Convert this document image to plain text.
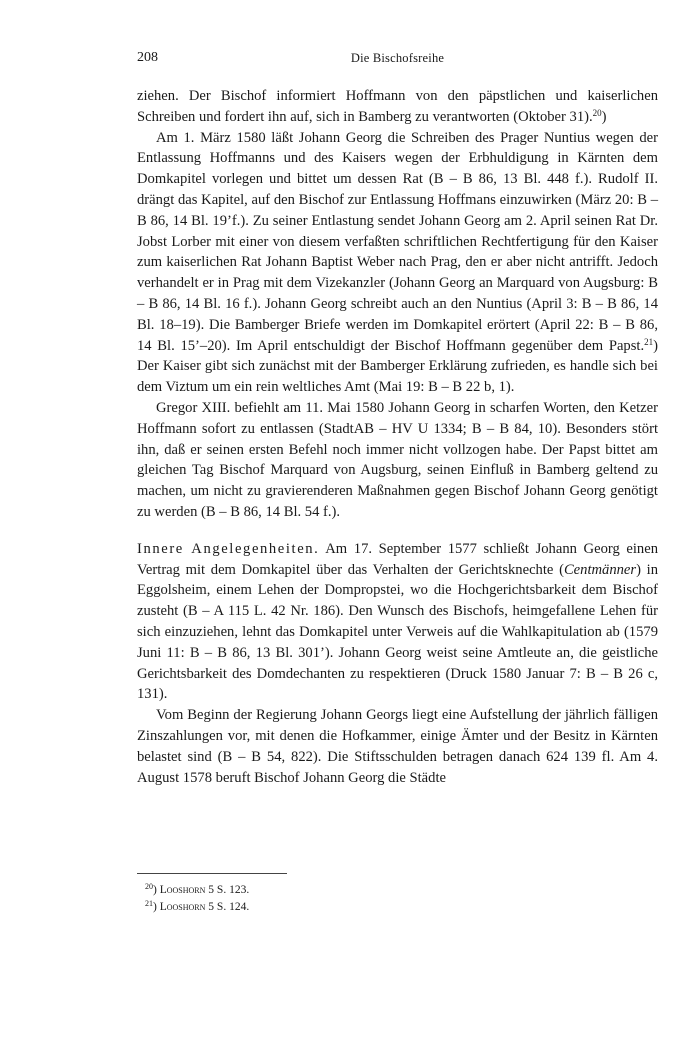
208	Die Bischofsreihe

ziehen. Der Bischof informiert Hoffmann von den päpstlichen und kaiserlichen Schreiben und fordert ihn auf, sich in Bamberg zu verantworten (Oktober 31).$^{20}$)

Am 1. März 1580 läßt Johann Georg die Schreiben des Prager Nuntius wegen der Entlassung Hoffmanns und des Kaisers wegen der Erbhuldigung in Kärnten dem Domkapitel vorlegen und bittet um dessen Rat (B – B 86, 13 Bl. 448 f.). Rudolf II. drängt das Kapitel, auf den Bischof zur Entlassung Hoffmans einzuwirken (März 20: B – B 86, 14 Bl. 19’f.). Zu seiner Entlastung sendet Johann Georg am 2. April seinen Rat Dr. Jobst Lorber mit einer von diesem verfaßten schriftlichen Rechtfertigung für den Kaiser zum kaiserlichen Rat Johann Baptist Weber nach Prag, den er aber nicht antrifft. Jedoch verhandelt er in Prag mit dem Vizekanzler (Johann Georg an Marquard von Augsburg: B – B 86, 14 Bl. 16 f.). Johann Georg schreibt auch an den Nuntius (April 3: B – B 86, 14 Bl. 18–19). Die Bamberger Briefe werden im Domkapitel erörtert (April 22: B – B 86, 14 Bl. 15’–20). Im April entschuldigt der Bischof Hoffmann gegenüber dem Papst.$^{21}$) Der Kaiser gibt sich zunächst mit der Bamberger Erklärung zufrieden, es handle sich bei dem Viztum um ein rein weltliches Amt (Mai 19: B – B 22 b, 1).

Gregor XIII. befiehlt am 11. Mai 1580 Johann Georg in scharfen Worten, den Ketzer Hoffmann sofort zu entlassen (StadtAB – HV U 1334; B – B 84, 10). Besonders stört ihn, daß er seinen ersten Befehl noch immer nicht vollzogen habe. Der Papst bittet am gleichen Tag Bischof Marquard von Augsburg, seinen Einfluß in Bamberg geltend zu machen, um nicht zu gravierenderen Maßnahmen gegen Bischof Johann Georg genötigt zu werden (B – B 86, 14 Bl. 54 f.).

Innere Angelegenheiten. Am 17. September 1577 schließt Johann Georg einen Vertrag mit dem Domkapitel über das Verhalten der Gerichtsknechte (Centmänner) in Eggolsheim, einem Lehen der Dompropstei, wo die Hochgerichtsbarkeit dem Bischof zusteht (B – A 115 L. 42 Nr. 186). Den Wunsch des Bischofs, heimgefallene Lehen für sich einzuziehen, lehnt das Domkapitel unter Verweis auf die Wahlkapitulation ab (1579 Juni 11: B – B 86, 13 Bl. 301’). Johann Georg weist seine Amtleute an, die geistliche Gerichtsbarkeit des Domdechanten zu respektieren (Druck 1580 Januar 7: B – B 26 c, 131).

Vom Beginn der Regierung Johann Georgs liegt eine Aufstellung der jährlich fälligen Zinszahlungen vor, mit denen die Hofkammer, einige Ämter und der Besitz in Kärnten belastet sind (B – B 54, 822). Die Stiftsschulden betragen danach 624 139 fl. Am 4. August 1578 beruft Bischof Johann Georg die Städte

$^{20}$) Looshorn 5 S. 123.
$^{21}$) Looshorn 5 S. 124.
